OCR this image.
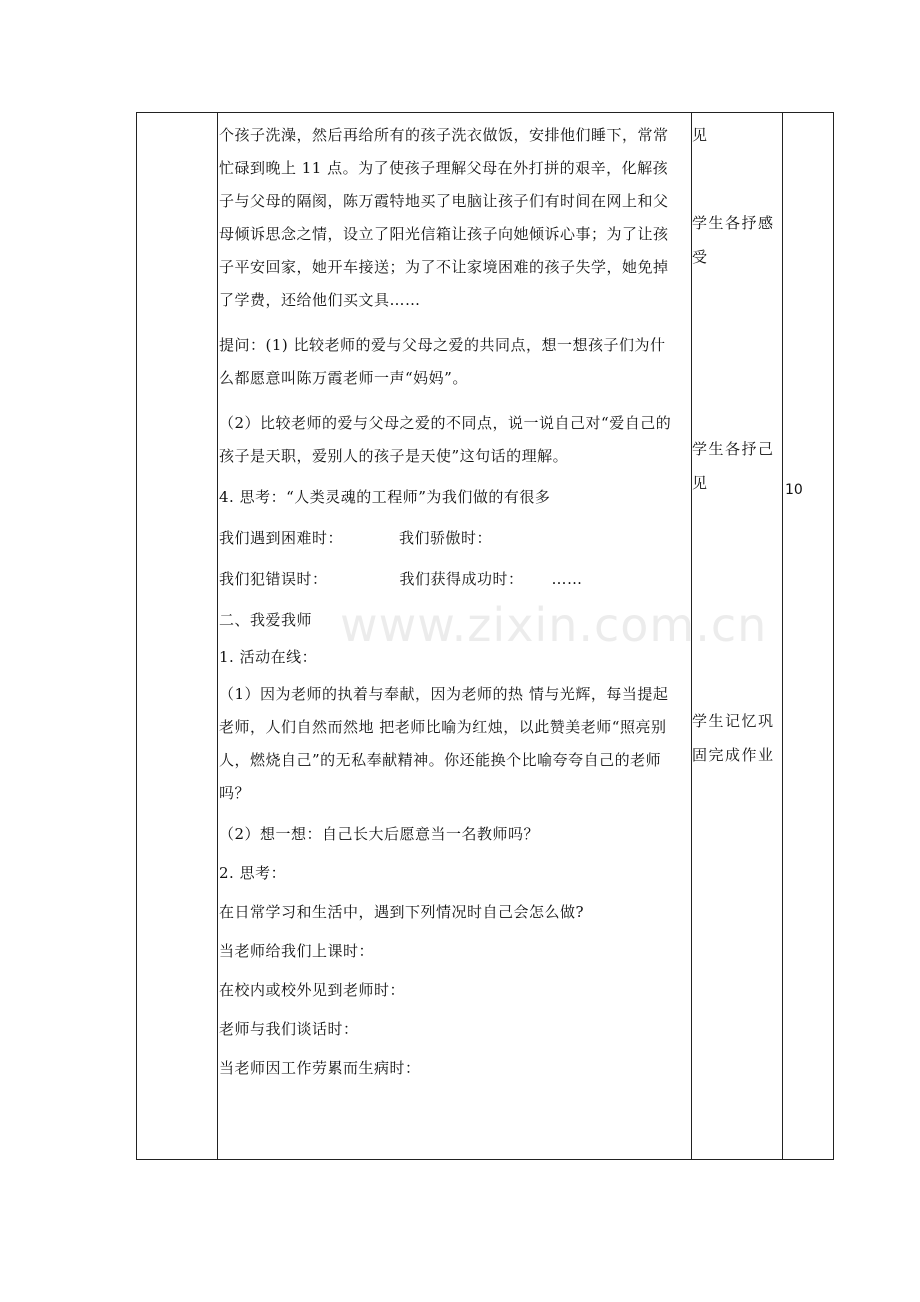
个孩子洗澡，然后再给所有的孩子洗衣做饭，安排他们睡下，常常

忙碌到晚上 11 点。为了使孩子理解父母在外打拼的艰辛，化解孩

子与父母的隔阂，陈万霞特地买了电脑让孩子们有时间在网上和父

母倾诉思念之情，设立了阳光信箱让孩子向她倾诉心事；为了让孩

子平安回家，她开车接送；为了不让家境困难的孩子失学，她免掉

了学费，还给他们买文具……

提问：(1) 比较老师的爱与父母之爱的共同点，想一想孩子们为什

么都愿意叫陈万霞老师一声“妈妈”。

（2）比较老师的爱与父母之爱的不同点，说一说自己对“爱自己的

孩子是天职，爱别人的孩子是天使”这句话的理解。

4. 思考：“人类灵魂的工程师”为我们做的有很多

我们遇到困难时：	我们骄傲时：

我们犯错误时：	我们获得成功时： ……

二、我爱我师

1. 活动在线：

（1）因为老师的执着与奉献，因为老师的热 情与光辉，每当提起

老师，人们自然而然地 把老师比喻为红烛，以此赞美老师“照亮别

人，燃烧自己”的无私奉献精神。你还能换个比喻夸夸自己的老师

吗？

（2）想一想：自己长大后愿意当一名教师吗？

2. 思考：

在日常学习和生活中，遇到下列情况时自己会怎么做?

当老师给我们上课时：

在校内或校外见到老师时：

老师与我们谈话时：

当老师因工作劳累而生病时：

见
学生各抒感
受
学生各抒己
见
学生记忆巩
固完成作业
10
www.zixin.com.cn
